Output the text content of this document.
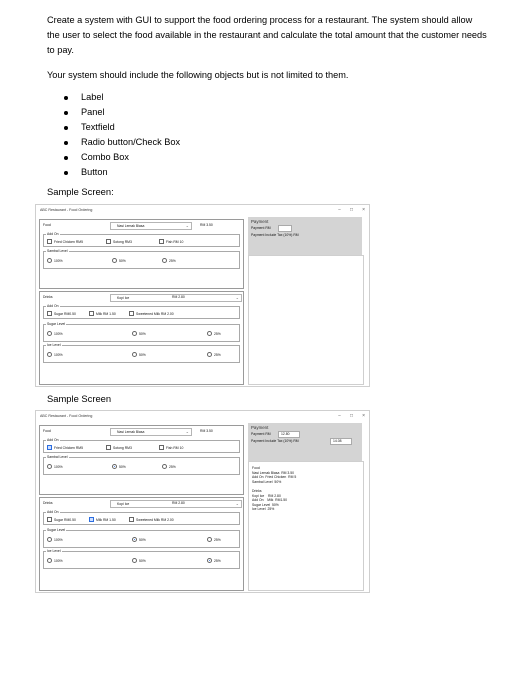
Create a system with GUI to support the food ordering process for a restaurant. The system should allow the user to select the food available in the restaurant and calculate the total amount that the customer needs to pay.
Your system should include the following objects but is not limited to them.
Label
Panel
Textfield
Radio button/Check Box
Combo Box
Button
Sample Screen:
ABC Restaurant - Food Ordering	− □ ×
Food	Nasi Lemak Biasa	⌄	RM 3.50
Add On
Fried Chicken RM5	Sotong RM3	Fish RM 10
Sambal Level
100%	50%	25%
Drinks	Kopi Ice	⌄
RM 2.80
Add On
Sugar RM0.50	Milk RM 1.50	Sweetened Milk RM 2.00
Sugar Level
100%	50%	25%
Ice Level
100%	50%	25%
Payment
Payment RM
Payment Include Tax (10%) RM
Sample Screen
ABC Restaurant - Food Ordering	− □ ×
Food	Nasi Lemak Biasa	⌄	RM 3.50
Add On
Fried Chicken RM5	Sotong RM3	Fish RM 10
Sambal Level
100%	50%	25%
Drinks	Kopi Ice	⌄
RM 2.80
Add On
Sugar RM0.50	Milk RM 1.50	Sweetened Milk RM 2.00
Sugar Level
100%	50%	25%
Ice Level
100%	50%	25%
Payment
Payment RM	12.80
Payment Include Tax (10%) RM	14.08
Food
Nasi Lemak Biasa  RM 3.50
Add On  Fried Chicken  RM 5
Sambal Level  50%

Drinks
Kopi Ice    RM 2.80
Add On    Milk  RM1.50
Sugar Level  50%
Ice Level  25%
